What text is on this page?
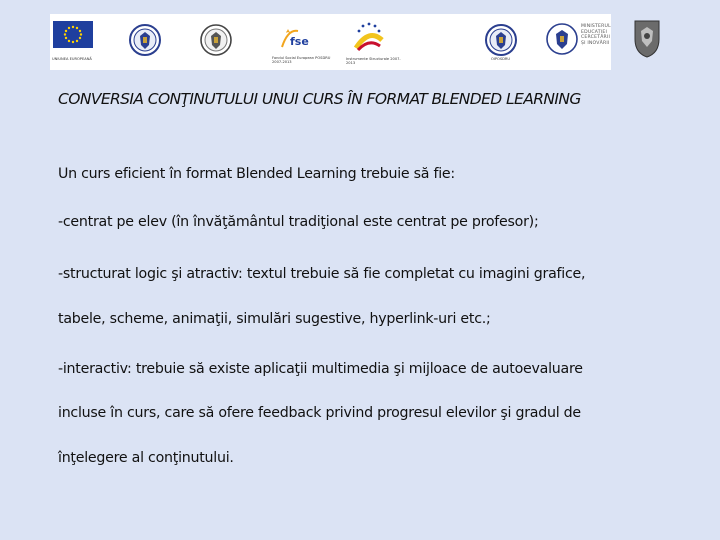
UNIUNEA EUROPEANĂ
fse
Fondul Social European POSDRU 2007-2013
Instrumente Structurale 2007-2013
OIPOSDRU
MINISTERUL
EDUCAȚIEI
CERCETĂRII
ȘI INOVĂRII
CONVERSIA CONŢINUTULUI UNUI CURS ÎN FORMAT BLENDED LEARNING

Un curs eficient în format Blended Learning trebuie să fie:

-centrat pe elev (în învăţământul tradiţional este centrat pe profesor);

-structurat logic şi atractiv: textul trebuie să fie completat cu imagini grafice,

tabele, scheme, animaţii, simulări sugestive, hyperlink-uri etc.;

-interactiv: trebuie să existe aplicaţii multimedia şi mijloace de autoevaluare

incluse în curs, care să ofere feedback privind progresul elevilor şi gradul de

înţelegere al conţinutului.
